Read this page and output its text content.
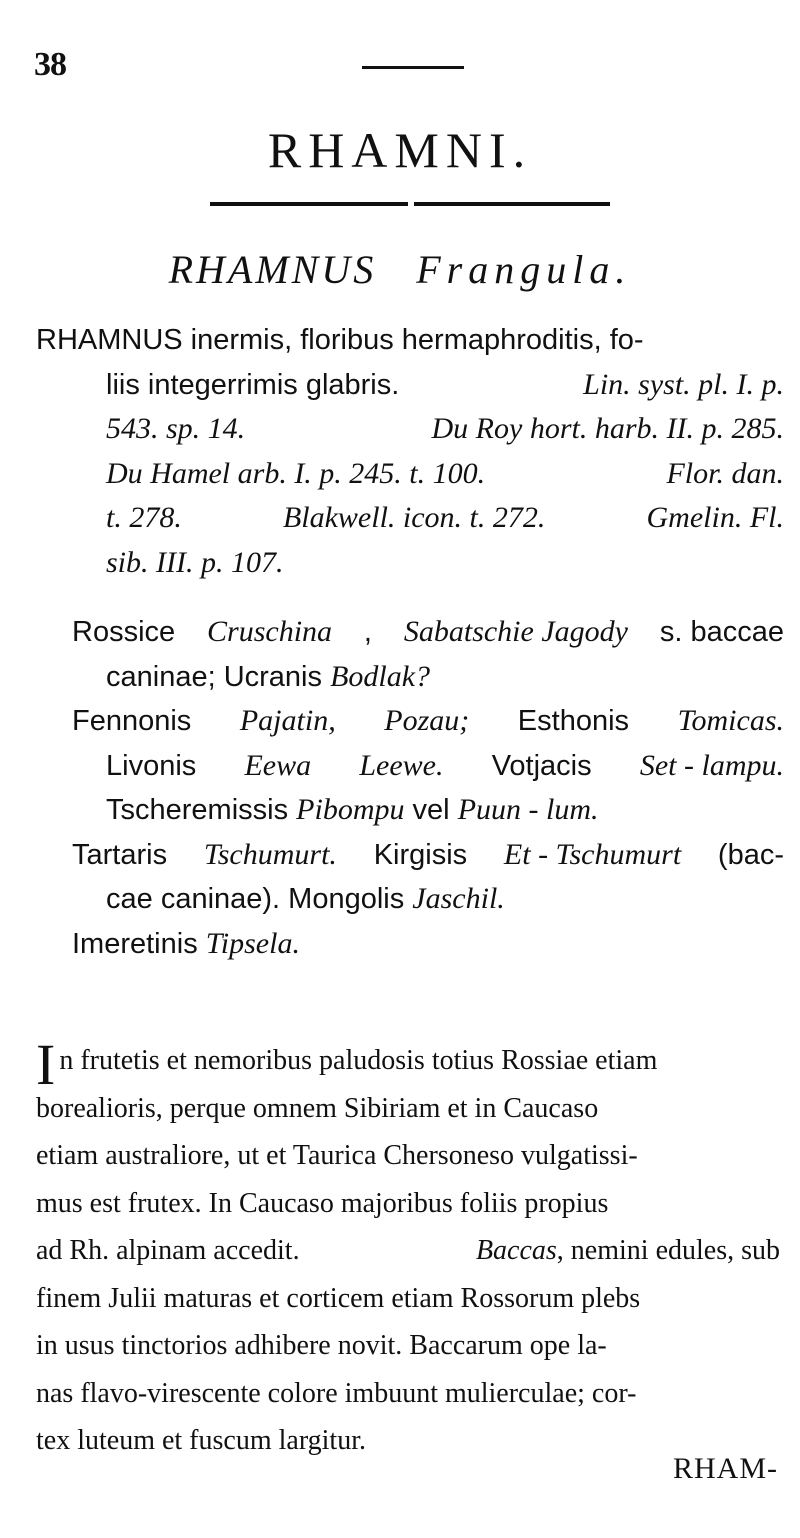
38
RHAMNI.
RHAMNUS Frangula.
RHAMNUS inermis, floribus hermaphroditis, fo-
liis integerrimis glabris.	Lin. syst. pl. I. p.
543. sp. 14.	Du Roy hort. harb. II. p. 285.
Du Hamel arb. I. p. 245. t. 100.	Flor. dan.
t. 278.	Blakwell. icon. t. 272.	Gmelin. Fl.
sib. III. p. 107.
Rossice Cruschina , Sabatschie Jagody s. baccae
caninae; Ucranis
Bodlak?
Fennonis Pajatin, Pozau; Esthonis Tomicas.
Livonis Eewa Leewe. Votjacis Set - lampu.
Tscheremissis
Pibompu
vel
Puun - lum.
Tartaris Tschumurt. Kirgisis Et - Tschumurt (bac-
cae caninae). Mongolis
Jaschil.
Imeretinis
Tipsela.
In frutetis et nemoribus paludosis totius Rossiae etiam
borealioris, perque omnem Sibiriam et in Caucaso
etiam australiore, ut et Taurica Chersoneso vulgatissi-
mus est frutex. In Caucaso majoribus foliis propius
ad Rh. alpinam accedit.	Baccas, nemini edules, sub
finem Julii maturas et corticem etiam Rossorum plebs
in usus tinctorios adhibere novit. Baccarum ope la-
nas flavo-virescente colore imbuunt mulierculae; cor-
tex luteum et fuscum largitur.
RHAM-
